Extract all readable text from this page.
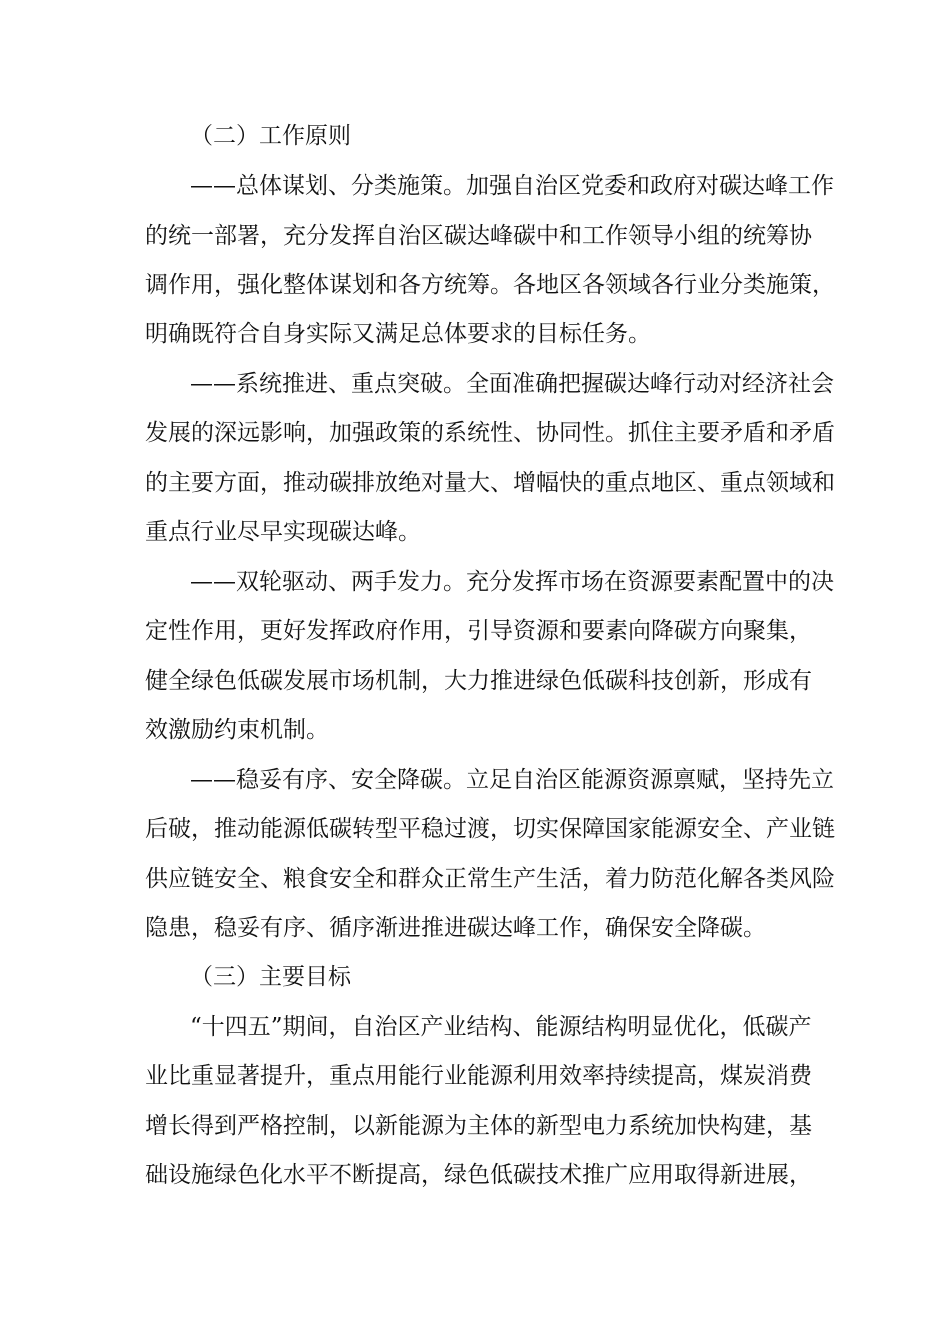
（二）工作原则

——总体谋划、分类施策。加强自治区党委和政府对碳达峰工作

的统一部署，充分发挥自治区碳达峰碳中和工作领导小组的统筹协

调作用，强化整体谋划和各方统筹。各地区各领域各行业分类施策，

明确既符合自身实际又满足总体要求的目标任务。

——系统推进、重点突破。全面准确把握碳达峰行动对经济社会

发展的深远影响，加强政策的系统性、协同性。抓住主要矛盾和矛盾

的主要方面，推动碳排放绝对量大、增幅快的重点地区、重点领域和

重点行业尽早实现碳达峰。

——双轮驱动、两手发力。充分发挥市场在资源要素配置中的决

定性作用，更好发挥政府作用，引导资源和要素向降碳方向聚集，

健全绿色低碳发展市场机制，大力推进绿色低碳科技创新，形成有

效激励约束机制。

——稳妥有序、安全降碳。立足自治区能源资源禀赋，坚持先立

后破，推动能源低碳转型平稳过渡，切实保障国家能源安全、产业链

供应链安全、粮食安全和群众正常生产生活，着力防范化解各类风险

隐患，稳妥有序、循序渐进推进碳达峰工作，确保安全降碳。

（三）主要目标

“十四五”期间，自治区产业结构、能源结构明显优化，低碳产

业比重显著提升，重点用能行业能源利用效率持续提高，煤炭消费

增长得到严格控制，以新能源为主体的新型电力系统加快构建，基

础设施绿色化水平不断提高，绿色低碳技术推广应用取得新进展，
